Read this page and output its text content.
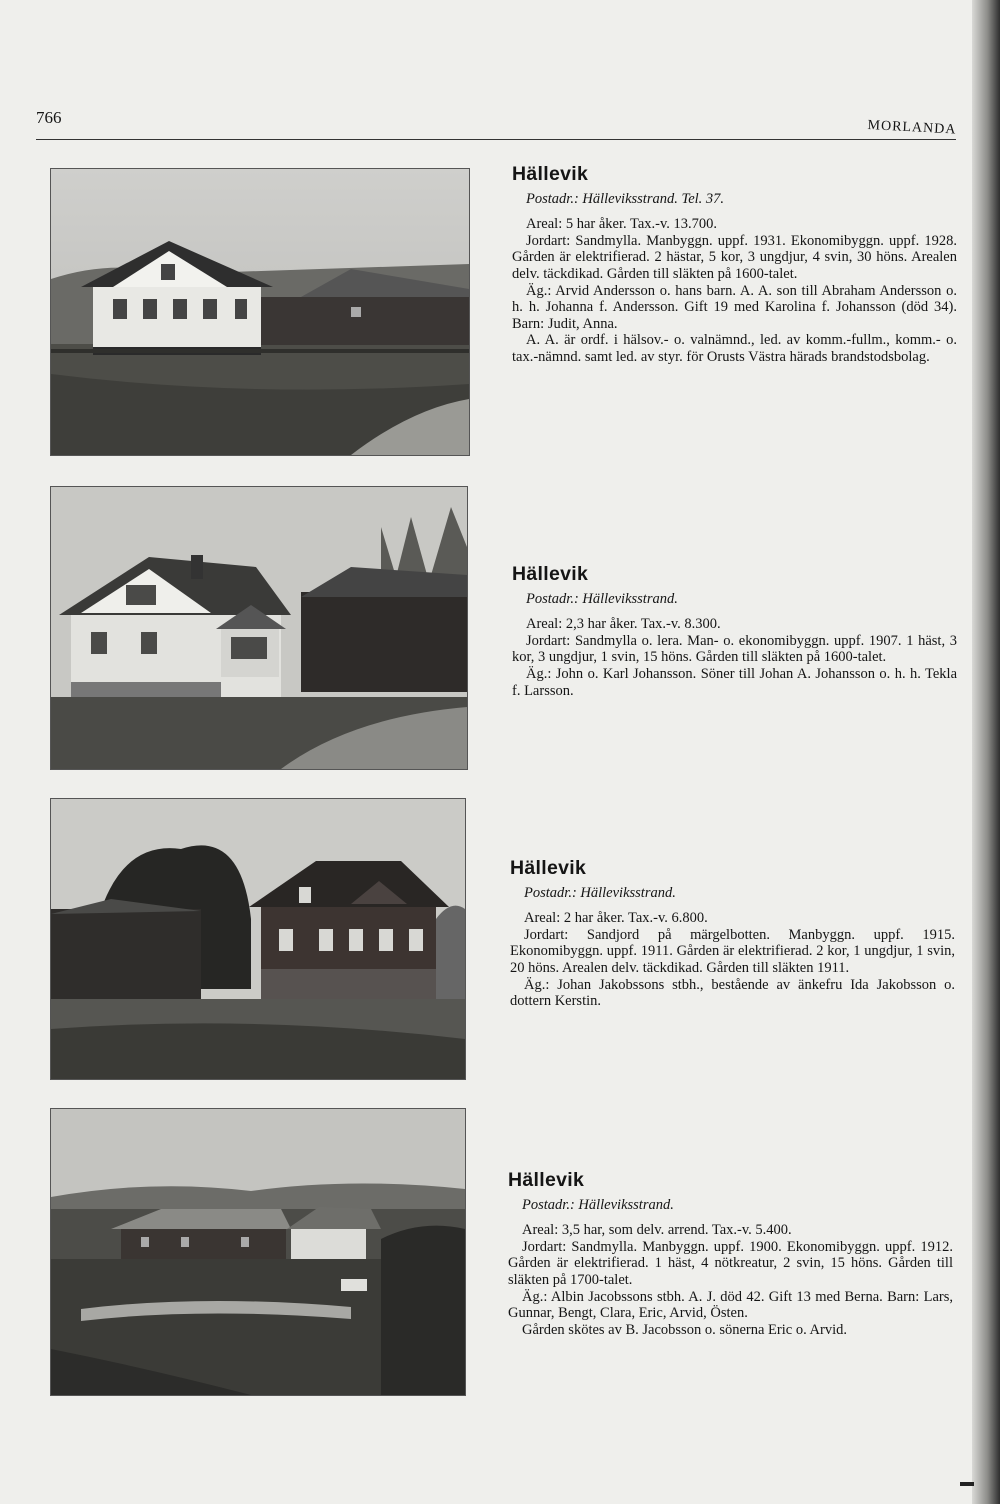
766
MORLANDA
Hällevik
Postadr.: Hälleviksstrand. Tel. 37.

Areal: 5 har åker. Tax.-v. 13.700.

Jordart: Sandmylla. Manbyggn. uppf. 1931. Ekonomibyggn. uppf. 1928. Gården är elektrifierad. 2 hästar, 5 kor, 3 ungdjur, 4 svin, 30 höns. Arealen delv. täckdikad. Gården till släkten på 1600-talet.

Äg.: Arvid Andersson o. hans barn. A. A. son till Abraham Andersson o. h. h. Johanna f. Andersson. Gift 19 med Karolina f. Johansson (död 34). Barn: Judit, Anna.

A. A. är ordf. i hälsov.- o. valnämnd., led. av komm.-fullm., komm.- o. tax.-nämnd. samt led. av styr. för Orusts Västra härads brandstodsbolag.

Hällevik
Postadr.: Hälleviksstrand.

Areal: 2,3 har åker. Tax.-v. 8.300.

Jordart: Sandmylla o. lera. Man- o. ekonomibyggn. uppf. 1907. 1 häst, 3 kor, 3 ungdjur, 1 svin, 15 höns. Gården till släkten på 1600-talet.

Äg.: John o. Karl Johansson. Söner till Johan A. Johansson o. h. h. Tekla f. Larsson.

Hällevik
Postadr.: Hälleviksstrand.

Areal: 2 har åker. Tax.-v. 6.800.

Jordart: Sandjord på märgelbotten. Manbyggn. uppf. 1915. Ekonomibyggn. uppf. 1911. Gården är elektrifierad. 2 kor, 1 ungdjur, 1 svin, 20 höns. Arealen delv. täckdikad. Gården till släkten 1911.

Äg.: Johan Jakobssons stbh., bestående av änkefru Ida Jakobsson o. dottern Kerstin.

Hällevik
Postadr.: Hälleviksstrand.

Areal: 3,5 har, som delv. arrend. Tax.-v. 5.400.

Jordart: Sandmylla. Manbyggn. uppf. 1900. Ekonomibyggn. uppf. 1912. Gården är elektrifierad. 1 häst, 4 nötkreatur, 2 svin, 15 höns. Gården till släkten på 1700-talet.

Äg.: Albin Jacobssons stbh. A. J. död 42. Gift 13 med Berna. Barn: Lars, Gunnar, Bengt, Clara, Eric, Arvid, Östen.

Gården skötes av B. Jacobsson o. sönerna Eric o. Arvid.
